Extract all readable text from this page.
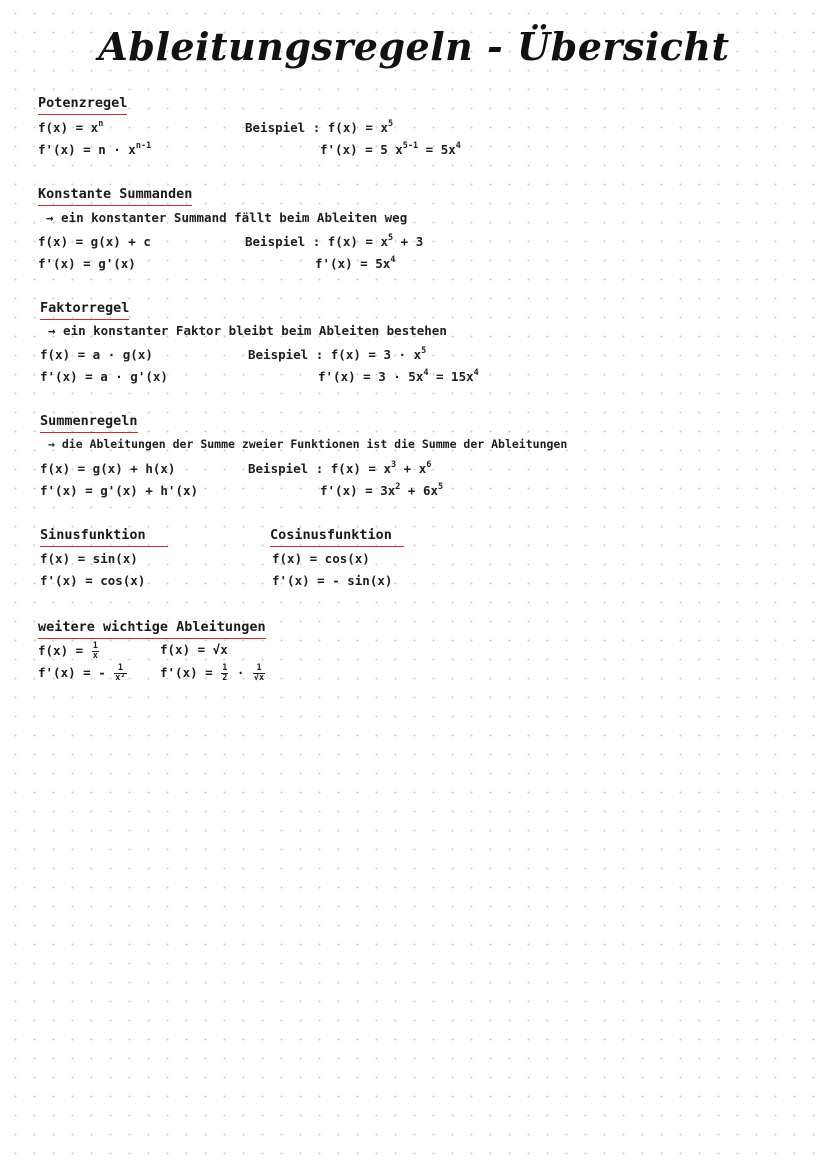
Ableitungsregeln - Übersicht
Potenzregel
$f(x) = x^n$
$f'(x) = n \cdot x^{n-1}$
Beispiel : $f(x) = x^5$
f'(x) = 5 $x^{5-1} = 5x^4$
Konstante Summanden
→ ein konstanter Summand fällt beim Ableiten weg
f(x) = g(x) + c
f'(x) = g'(x)
Beispiel : $f(x) = x^5 + 3$
$f'(x) = 5x^4$
Faktorregel
→ ein konstanter Faktor bleibt beim Ableiten bestehen
f(x) = a · g(x)
f'(x) = a · g'(x)
Beispiel : $f(x) = 3 \cdot x^5$
$f'(x) = 3 \cdot 5x^4 = 15x^4$
Summenregeln
→ die Ableitungen der Summe zweier Funktionen ist die Summe der Ableitungen
f(x) = g(x) + h(x)
f'(x) = g'(x) + h'(x)
Beispiel : $f(x) = x^3 + x^6$
$f'(x) = 3x^2 + 6x^5$
Sinusfunktion
f(x) = sin(x)
f'(x) = cos(x)
Cosinusfunktion
f(x) = cos(x)
f'(x) = - sin(x)
weitere wichtige Ableitungen
$f(x) = \frac{1}{x}$
f'(x) = - $\frac{1}{\text{x²}}$
f(x) = √x
$f'(x) = \frac{1}{2} \cdot \frac{1}{√x}$
